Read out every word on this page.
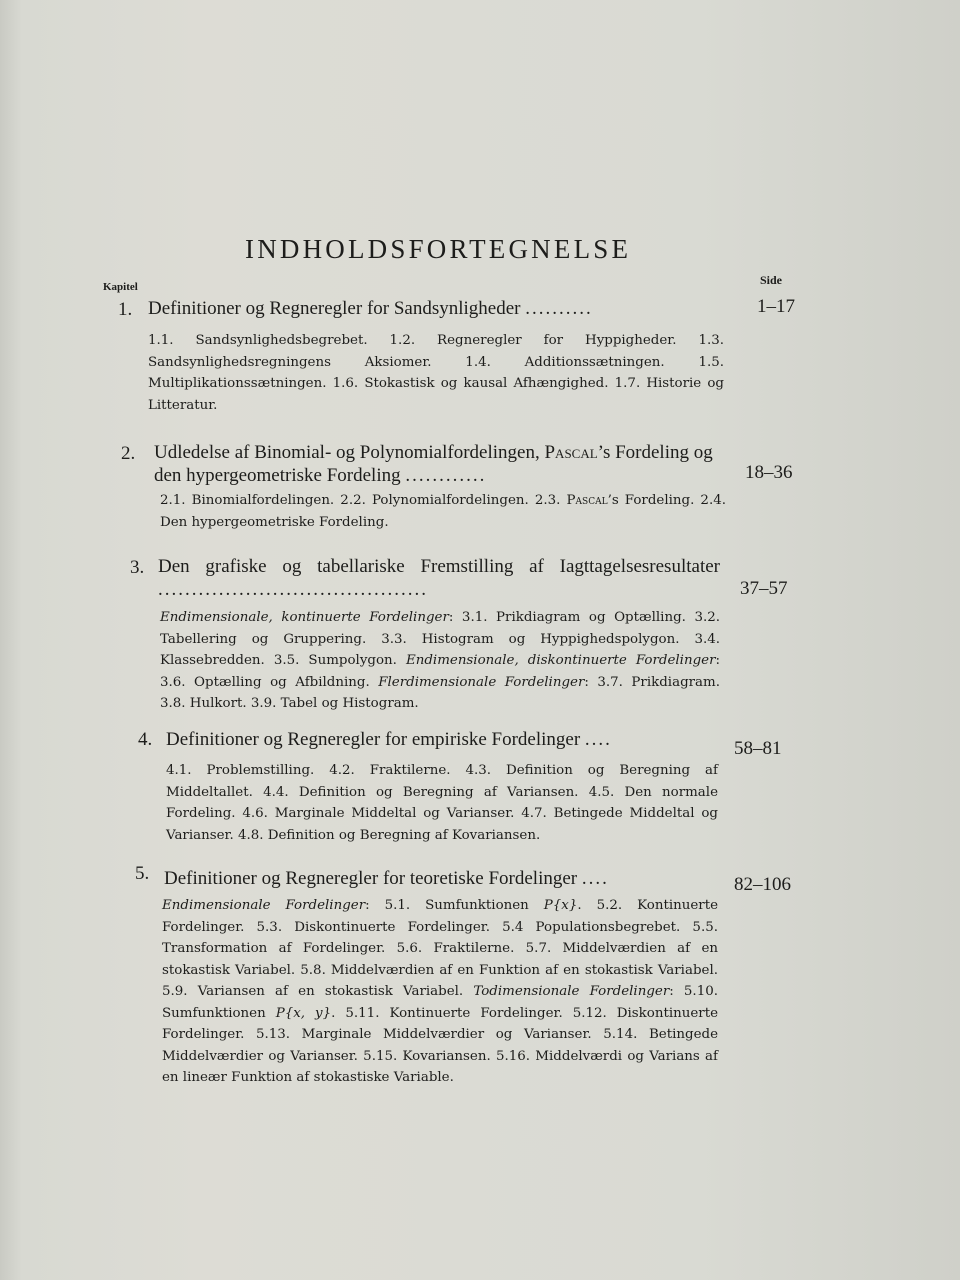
INDHOLDSFORTEGNELSE
Kapitel	Side
1. Definitioner og Regneregler for Sandsynligheder ..........	1–17
1.1. Sandsynlighedsbegrebet. 1.2. Regneregler for Hyppigheder. 1.3. Sandsynlighedsregningens Aksiomer. 1.4. Additionssætningen. 1.5. Multiplikationssætningen. 1.6. Stokastisk og kausal Afhængighed. 1.7. Historie og Litteratur.
2. Udledelse af Binomial- og Polynomialfordelingen, Pascal’s Fordeling og den hypergeometriske Fordeling ............	18–36
2.1. Binomialfordelingen. 2.2. Polynomialfordelingen. 2.3. Pascal’s Fordeling. 2.4. Den hypergeometriske Fordeling.
3. Den grafiske og tabellariske Fremstilling af Iagttagelsesresultater ........................................	37–57
Endimensionale, kontinuerte Fordelinger: 3.1. Prikdiagram og Optælling. 3.2. Tabellering og Gruppering. 3.3. Histogram og Hyppighedspolygon. 3.4. Klassebredden. 3.5. Sumpolygon. Endimensionale, diskontinuerte Fordelinger: 3.6. Optælling og Afbildning. Flerdimensionale Fordelinger: 3.7. Prikdiagram. 3.8. Hulkort. 3.9. Tabel og Histogram.
4. Definitioner og Regneregler for empiriske Fordelinger ....	58–81
4.1. Problemstilling. 4.2. Fraktilerne. 4.3. Definition og Beregning af Middeltallet. 4.4. Definition og Beregning af Variansen. 4.5. Den normale Fordeling. 4.6. Marginale Middeltal og Varianser. 4.7. Betingede Middeltal og Varianser. 4.8. Definition og Beregning af Kovariansen.
5. Definitioner og Regneregler for teoretiske Fordelinger ....	82–106
Endimensionale Fordelinger: 5.1. Sumfunktionen P{x}. 5.2. Kontinuerte Fordelinger. 5.3. Diskontinuerte Fordelinger. 5.4 Populationsbegrebet. 5.5. Transformation af Fordelinger. 5.6. Fraktilerne. 5.7. Middelværdien af en stokastisk Variabel. 5.8. Middelværdien af en Funktion af en stokastisk Variabel. 5.9. Variansen af en stokastisk Variabel. Todimensionale Fordelinger: 5.10. Sumfunktionen P{x, y}. 5.11. Kontinuerte Fordelinger. 5.12. Diskontinuerte Fordelinger. 5.13. Marginale Middelværdier og Varianser. 5.14. Betingede Middelværdier og Varianser. 5.15. Kovariansen. 5.16. Middelværdi og Varians af en lineær Funktion af stokastiske Variable.
